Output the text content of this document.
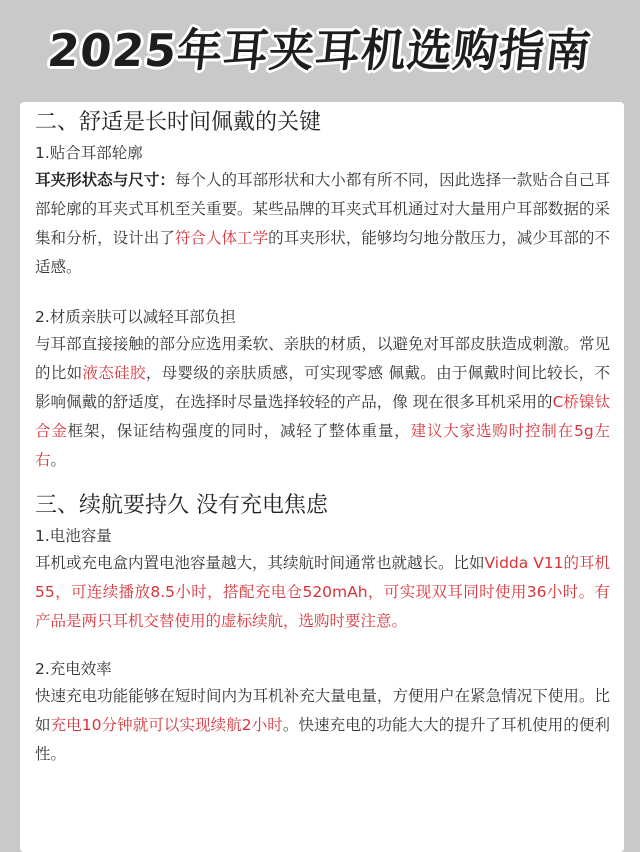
2025年耳夹耳机选购指南
二、舒适是长时间佩戴的关键
1.贴合耳部轮廓

耳夹形状态与尺寸：每个人的耳部形状和大小都有所不同，因此选择一款贴合自己耳部轮廓的耳夹式耳机至关重要。某些品牌的耳夹式耳机通过对大量用户耳部数据的采集和分析，设计出了符合人体工学的耳夹形状，能够均匀地分散压力，减少耳部的不适感。

2.材质亲肤可以减轻耳部负担

与耳部直接接触的部分应选用柔软、亲肤的材质，以避免对耳部皮肤造成刺激。常见的比如液态硅胶，母婴级的亲肤质感，可实现零感 佩戴。由于佩戴时间比较长，不影响佩戴的舒适度，在选择时尽量选择较轻的产品，像 现在很多耳机采用的C桥镍钛合金框架，保证结构强度的同时，减轻了整体重量，建议大家选购时控制在5g左右。

三、续航要持久 没有充电焦虑
1.电池容量

耳机或充电盒内置电池容量越大，其续航时间通常也就越长。比如Vidda V11的耳机55，可连续播放8.5小时，搭配充电仓520mAh，可实现双耳同时使用36小时。有产品是两只耳机交替使用的虚标续航，选购时要注意。

2.充电效率

快速充电功能能够在短时间内为耳机补充大量电量，方便用户在紧急情况下使用。比如充电10分钟就可以实现续航2小时。快速充电的功能大大的提升了耳机使用的便利性。
